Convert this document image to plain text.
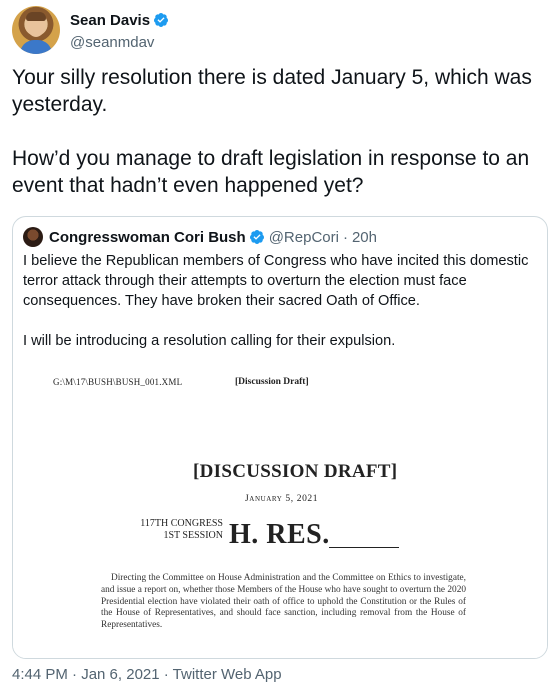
Sean Davis
@seanmdav

Your silly resolution there is dated January 5, which was yesterday.

How’d you manage to draft legislation in response to an event that hadn’t even happened yet?

Congresswoman Cori Bush @RepCori · 20h

I believe the Republican members of Congress who have incited this domestic terror attack through their attempts to overturn the election must face consequences. They have broken their sacred Oath of Office.

I will be introducing a resolution calling for their expulsion.

G:\M\17\BUSH\BUSH_001.XML	[Discussion Draft]
[DISCUSSION DRAFT]
January 5, 2021
117TH CONGRESS
1ST SESSION H. RES.
Directing the Committee on House Administration and the Committee on Ethics to investigate, and issue a report on, whether those Members of the House who have sought to overturn the 2020 Presidential election have violated their oath of office to uphold the Constitution or the Rules of the House of Representatives, and should face sanction, including removal from the House of Representatives.
4:44 PM · Jan 6, 2021 · Twitter Web App
